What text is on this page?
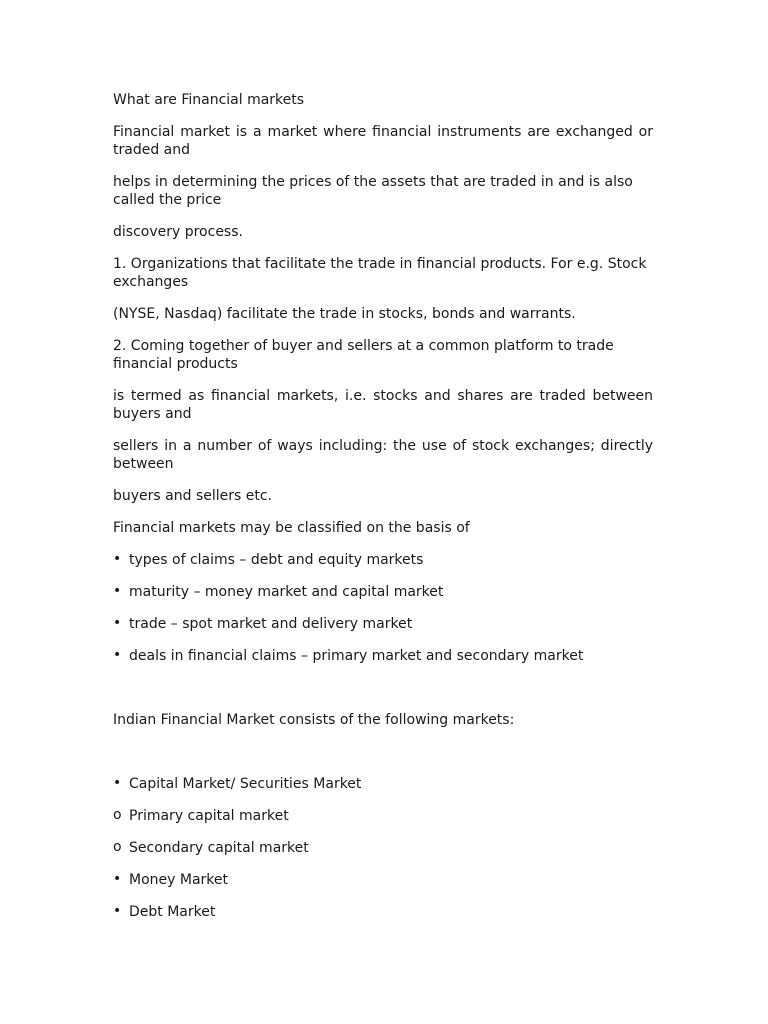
What are Financial markets

Financial market is a market where financial instruments are exchanged or traded and

helps in determining the prices of the assets that are traded in and is also called the price

discovery process.

1. Organizations that facilitate the trade in financial products. For e.g. Stock exchanges

(NYSE, Nasdaq) facilitate the trade in stocks, bonds and warrants.

2. Coming together of buyer and sellers at a common platform to trade financial products

is termed as financial markets, i.e. stocks and shares are traded between buyers and

sellers in a number of ways including: the use of stock exchanges; directly between

buyers and sellers etc.

Financial markets may be classified on the basis of

• types of claims – debt and equity markets
• maturity – money market and capital market
• trade – spot market and delivery market
• deals in financial claims – primary market and secondary market

Indian Financial Market consists of the following markets:

• Capital Market/ Securities Market
o Primary capital market
o Secondary capital market
• Money Market
• Debt Market
